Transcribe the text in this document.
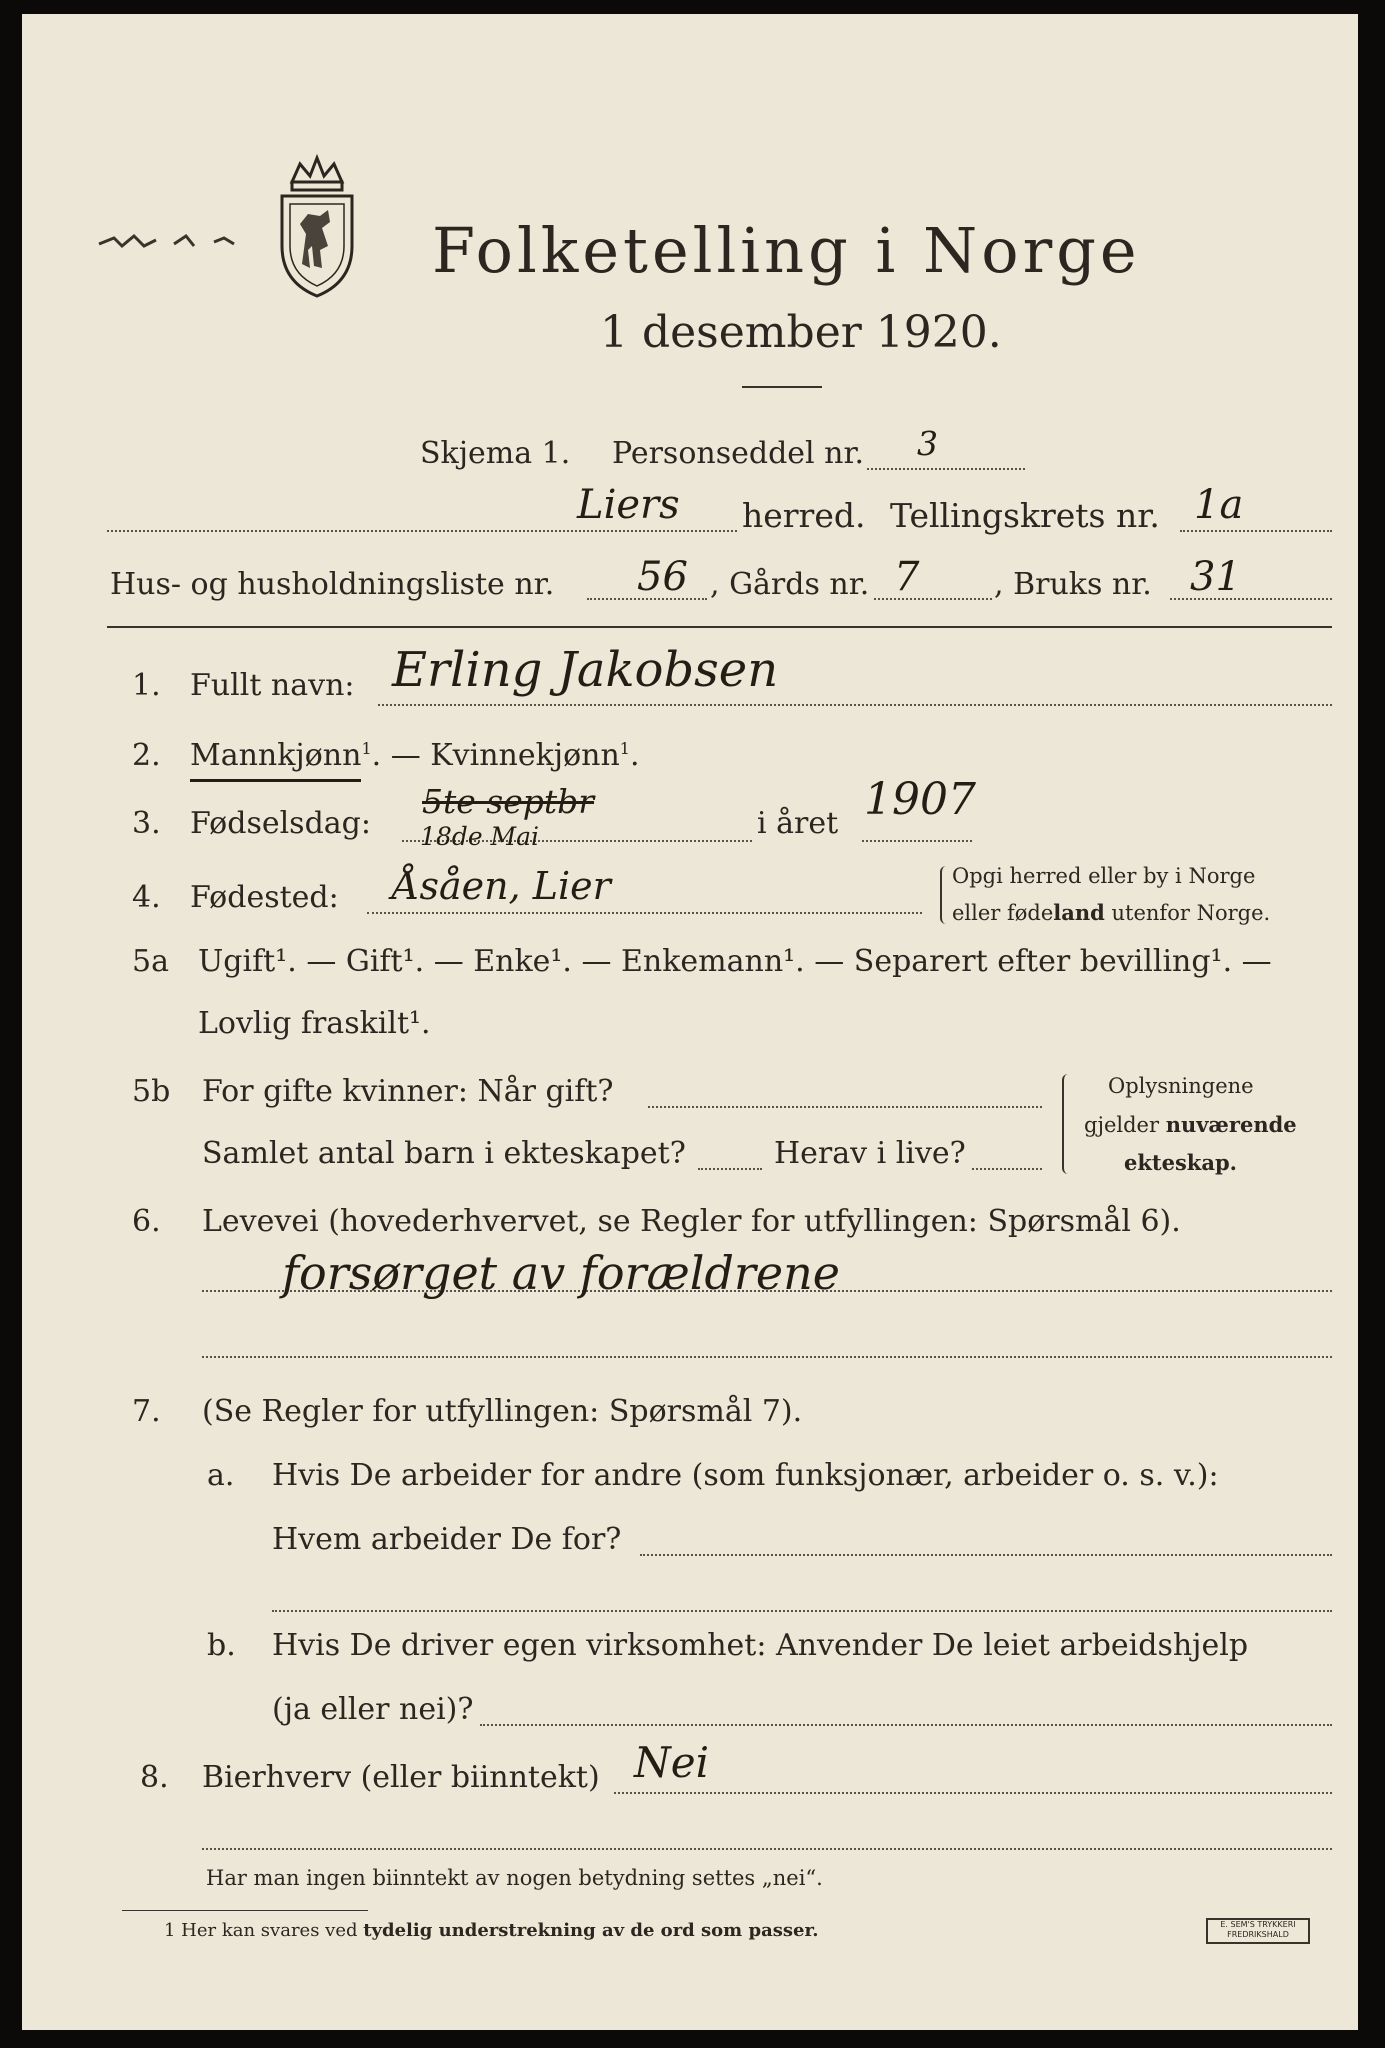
Folketelling i Norge
1 desember 1920.
Skjema 1. Personseddel nr. 3
Liers herred. Tellingskrets nr. 1a
Hus- og husholdningsliste nr. 56 , Gårds nr. 7 , Bruks nr. 31
1. Fullt navn: Erling Jakobsen
2. Mannkjønn$^1$. — Kvinnekjønn$^1$.
3. Fødselsdag:
5te septbr
18de Mai	i året 1907
4. Fødested: Åsåen, Lier	Opgi herred eller by i Norge
eller fødeland utenfor Norge.
5a Ugift¹. — Gift¹. — Enke¹. — Enkemann¹. — Separert efter bevilling¹. —
Lovlig fraskilt¹.
5b For gifte kvinner: Når gift?
Samlet antal barn i ekteskapet?	Herav i live?
Oplysningene
gjelder nuværende
ekteskap.
6. Levevei (hovederhvervet, se Regler for utfyllingen: Spørsmål 6).
forsørget av forældrene
7. (Se Regler for utfyllingen: Spørsmål 7).
a. Hvis De arbeider for andre (som funksjonær, arbeider o. s. v.):
Hvem arbeider De for?
b. Hvis De driver egen virksomhet: Anvender De leiet arbeidshjelp
(ja eller nei)?
8. Bierhverv (eller biinntekt) Nei
Har man ingen biinntekt av nogen betydning settes „nei“.
1 Her kan svares ved tydelig understrekning av de ord som passer.	E. SEM'S TRYKKERI
FREDRIKSHALD
